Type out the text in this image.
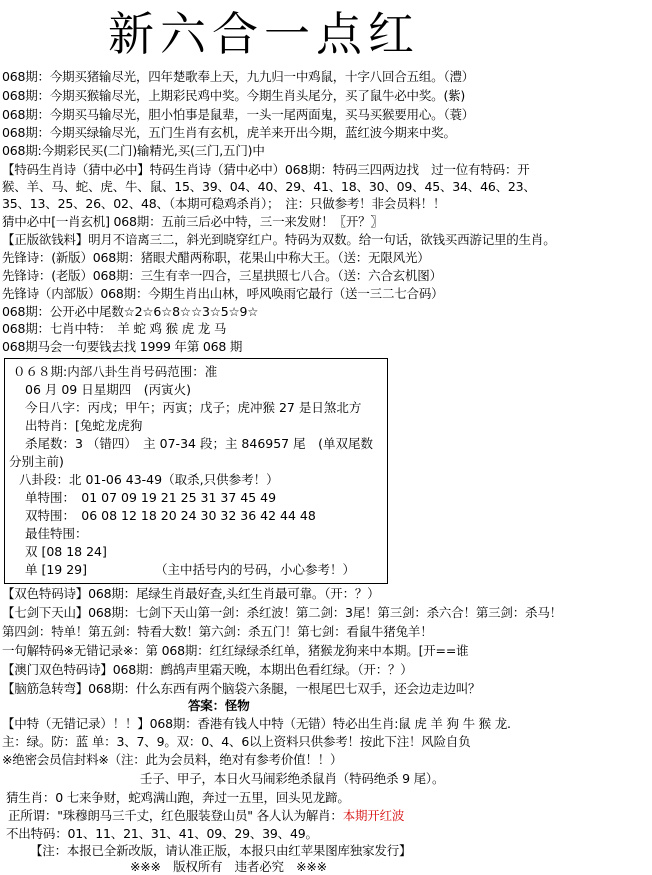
新六合一点红
068期：今期买猪输尽光，四年楚歌奉上天，九九归一中鸡鼠，十字八回合五组。（澧）
068期：今期买猴输尽光，上期彩民鸡中奖。今期生肖头尾分，买了鼠牛必中奖。(紫)
068期：今期买马输尽光，胆小怕事是鼠辈，一头一尾两面鬼，买马买猴要用心。（蓑）
068期：今期买绿输尽光，五门生肖有玄机，虎羊来开出今期，蓝红波今期来中奖。
068期:今期彩民买(二门)输精光,买(三门,五门)中
【特码生肖诗（猜中必中】特码生肖诗（猜中必中）068期：特码三四两边找　过一位有特码：开
猴、羊、马、蛇、虎、牛、鼠、15、39、04、40、29、41、18、30、09、45、34、46、23、
35、13、25、26、02、48、（本期可稳鸡杀肖）；　注：只做参考！非会员料！！
猜中必中[一肖玄机] 068期：五前三后必中特，三一来发财！〖开？〗
【正版欲钱料】明月不谙离三二，斜光到晓穿红户。特码为双数。给一句话，欲钱买西游记里的生肖。
先锋诗：(新版）068期：猪眼犬醋两称职，花果山中称大王。（送：无限风光）
先锋诗：(老版）068期：三生有幸一四合，三星拱照七八合。（送：六合玄机图）
先锋诗（内部版）068期：今期生肖出山林，呼风唤雨它最行（送一三二七合码）
068期：公开必中尾数☆2☆6☆8☆☆3☆5☆9☆
068期：七肖中特：　羊 蛇 鸡 猴 虎 龙 马
068期马会一句要钱去找 1999 年第 068 期
０６８期:内部八卦生肖号码范围：准
06 月 09 日星期四　(丙寅火)
今日八字：丙戌；甲午；丙寅；戊子；虎冲猴 27 是日煞北方
出特肖：[兔蛇龙虎狗
杀尾数：3 （错四）　主 07-34 段；主 846957 尾　(单双尾数
分别主前)
八卦段：北 01-06 43-49（取杀,只供参考！）
单特围：　01 07 09 19 21 25 31 37 45 49
双特围：　06 08 12 18 20 24 30 32 36 42 44 48
最佳特围：
双 [08 18 24]
单 [19 29]	（主中括号内的号码，小心参考！）
【双色特码诗】068期：尾绿生肖最好查,头红生肖最可靠。（开：？）
【七剑下天山】068期：七剑下天山第一剑：杀红波！第二剑：3尾！第三剑：杀六合！第三剑：杀马！
第四剑：特单！第五剑：特看大数！第六剑：杀五门！第七剑：看鼠牛猪兔羊！
一句解特码※无错记录※：第 068期：红红绿绿杀红单，猪猴龙狗来中本期。[开==谁
【澳门双色特码诗】068期：鹧鸪声里霜天晚，本期出色看红绿。（开：？）
【脑筋急转弯】068期：什么东西有两个脑袋六条腿，一根尾巴七双手，还会边走边叫？
答案：怪物
【中特（无错记录）！！】068期：香港有钱人中特（无错）特必出生肖:鼠 虎 羊 狗 牛 猴 龙.
主：绿。防：蓝 单：3、7、9。双：0、4、6以上资料只供参考！按此下注！风险自负
※绝密会员信封料※（注：此为会员料，绝对有参考价值！！）
壬子、甲子，本日火马闹彩绝杀鼠肖（特码绝杀 9 尾）。
猜生肖：0 七来争财，蛇鸡满山跑，奔过一五里，回头见龙蹄。
正所谓："珠穆朗马三千丈，红色服装登山员" 各人认为解肖：本期开红波
不出特码：01、11、21、31、41、09、29、39、49。
【注：本报已全新改版，请认准正版，本报只由红苹果图库独家发行】
※※※　版权所有　违者必究　※※※
